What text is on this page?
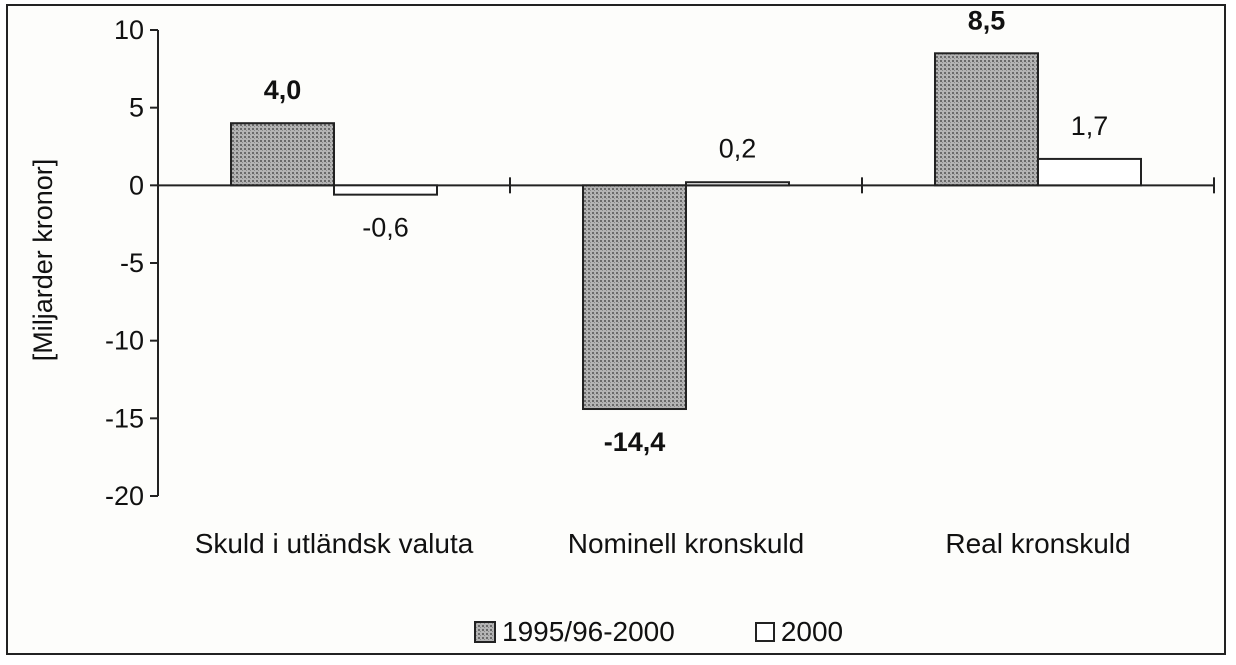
[Miljarder kronor]
10
5
0
-5
-10
-15
-20
Skuld i utländsk valuta
4,0
-0,6
Nominell kronskuld
-14,4
0,2
Real kronskuld
8,5
1,7
1995/96-2000	2000
